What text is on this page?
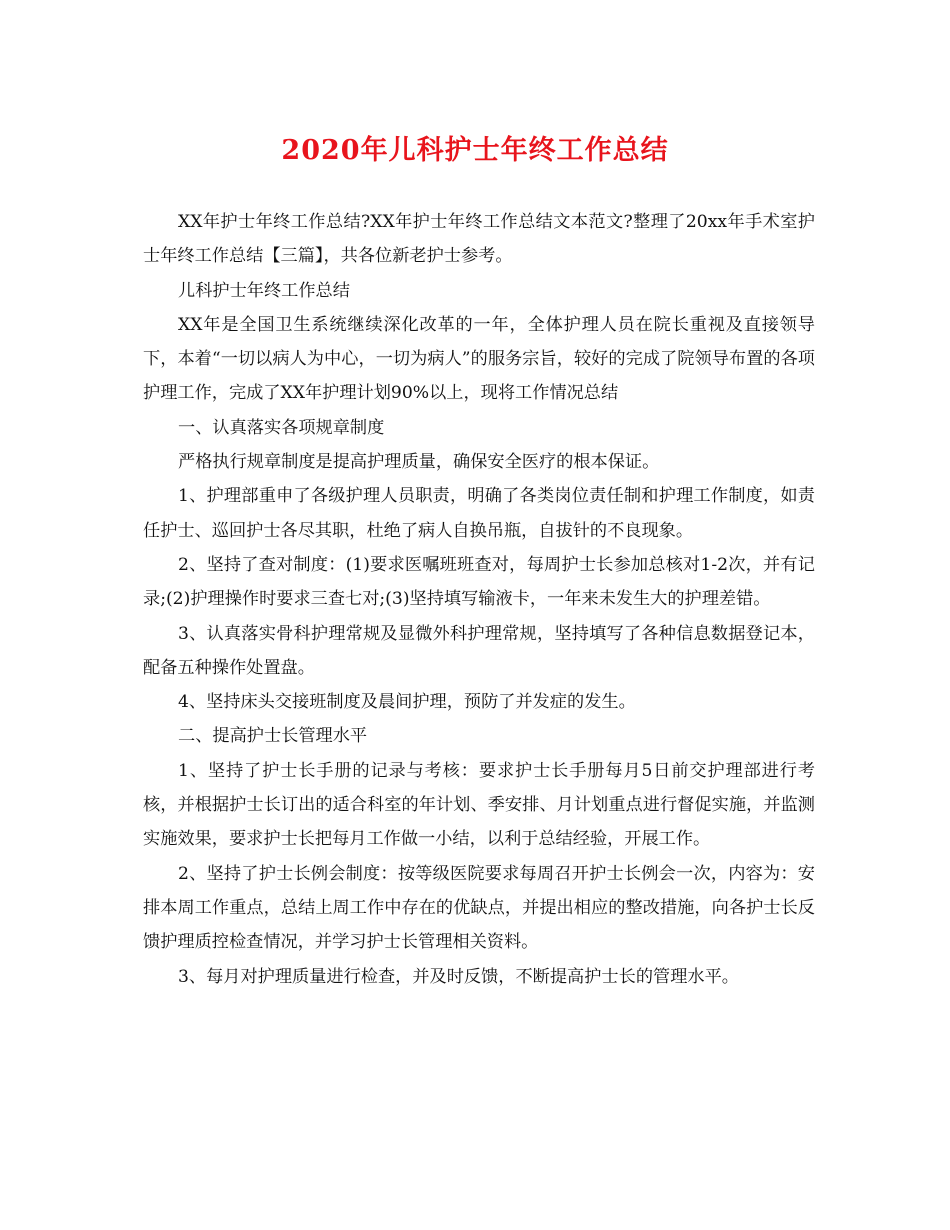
2020年儿科护士年终工作总结

XX年护士年终工作总结?XX年护士年终工作总结文本范文?整理了20xx年手术室护士年终工作总结【三篇】，共各位新老护士参考。

儿科护士年终工作总结

XX年是全国卫生系统继续深化改革的一年，全体护理人员在院长重视及直接领导下，本着“一切以病人为中心，一切为病人”的服务宗旨，较好的完成了院领导布置的各项护理工作，完成了XX年护理计划90%以上，现将工作情况总结

一、认真落实各项规章制度

严格执行规章制度是提高护理质量，确保安全医疗的根本保证。

1、护理部重申了各级护理人员职责，明确了各类岗位责任制和护理工作制度，如责任护士、巡回护士各尽其职，杜绝了病人自换吊瓶，自拔针的不良现象。

2、坚持了查对制度：(1)要求医嘱班班查对，每周护士长参加总核对1-2次，并有记录;(2)护理操作时要求三查七对;(3)坚持填写输液卡，一年来未发生大的护理差错。

3、认真落实骨科护理常规及显微外科护理常规，坚持填写了各种信息数据登记本，配备五种操作处置盘。

4、坚持床头交接班制度及晨间护理，预防了并发症的发生。

二、提高护士长管理水平

1、坚持了护士长手册的记录与考核：要求护士长手册每月5日前交护理部进行考核，并根据护士长订出的适合科室的年计划、季安排、月计划重点进行督促实施，并监测实施效果，要求护士长把每月工作做一小结，以利于总结经验，开展工作。

2、坚持了护士长例会制度：按等级医院要求每周召开护士长例会一次，内容为：安排本周工作重点，总结上周工作中存在的优缺点，并提出相应的整改措施，向各护士长反馈护理质控检查情况，并学习护士长管理相关资料。

3、每月对护理质量进行检查，并及时反馈，不断提高护士长的管理水平。
